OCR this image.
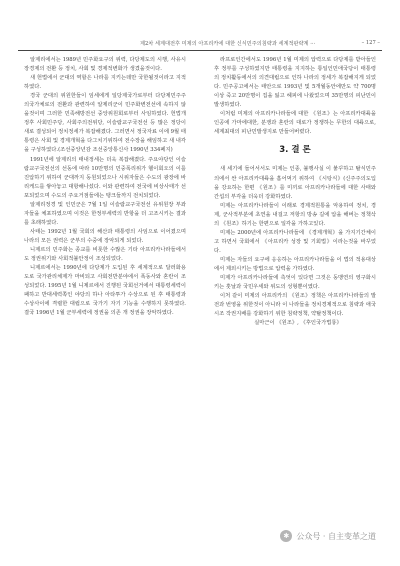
제2차 세계대전후 미제의 아프리카에 대한 신식민주의침략과 세계적판략계 ···	– 127 –

알제리에서는 1989년 민주화요구의 위력, 다당제도의 시행, 사유시장경제의 전환 등 정치, 사회 및 경제적변화가 생겼을것이다.

새 헌법에서 군대의 역할은 나라를 지키는데만 국한될것이라고 지적하였다.

경국 군대의 위원한들이 임세에게 일당제국가로부터 다당제민주주의국가체로의 전환과 관련하여 알제리군이 민주화변전선에 속하지 않을것이며 그러한 민족해방전선 중앙위원회로부터 사임하였다. 헌법개정후 사회민주당, 사회주의전위당, 이슬람교구국전선 등 많은 정당이 새로 결성되어 정치정세가 복잡해졌다. 그러면서 정국자료 이에 9월 태통령은 사회 및 경제개혁을 다그치기위하여 전수장을 해임하고 새 내각을 구성하였다.(조선중앙년감 조선중앙통신사 1990년 334페지)

1991년에 알제리의 태내정세는 더욱 복잡해졌다. 주요야당인 이슬람교구국전선의 선동에 따라 10만명의 민중폭리위가 헬이회오의 이를 진압하기 위하여 군대까지 동원되었으나 시위자들은 수도의 광장에 바리케드를 쌓아놓고 대항해나섰다. 이와 관련하여 전국에 비상사태가 선포되었으며 수도의 주요거점들에는 탱크들까지 전치되었다.

알제리정경 및 인민군은 7월 1일 이슬람교구국전선 유위원장 부좌자들을 체포하였으며 이것은 한정부세력의 반항을 더 고조시키는 결과를 초래하였다.

사태는 1992년 1월 국회의 해산과 태통령의 사임으로 이어졌으며 나라의 모든 권력은 군부의 수중에 장악되게 되었다.

니제르의 민주화는 종교를 비롯한 수많은 기타 아프리카나라들에서도 정권위기와 사회적불안정이 조성되었다.

니제르에서는 1990년에 다당제가 도입된 후 세계적으로 달러화용도로 국가관리체제가 마비되고 사회전반분야에서 폭동사와 혼란이 조성되었다. 1995년 1월 니제르에서 진행된 국회선거에서 대통령세력이 패하고 반대세력쪽인 야당의 하나 아타투가 수상으로 된 후 태통령과 수상사이에 격렬한 대립으로 국가기 자기 기능을 수행하지 못하였다. 결국 1996년 1월 군부세력에 정권을 의존 개 정권을 장악하였다.

라프로인간에서도 1996년 1월 미제의 압력으로 다당제를 받아들인 후 정부를 구성하였지만 태통령을 지지하는 통일인민애국당이 태통령의 정치활동에서의 의견대립으로 인하 나라의 정세가 복잡해지게 되었다. 민주공고에서는 태안으로 1993년 및 5개월동안에만도 약 700명이상 죽고 20만명이 집을 잃고 헤피에 나왔었으며 35만명의 피난민이 발생하였다.

이처럼 미제의 아프리카나라들에 대한 《원조》는 아프리카대륙을 인공에 가마에대한, 분쟁과 혼란의 대로가 정쟁하는 무한의 대륙으로, 세계최대의 피난민발생지로 만들어버렸다.

3. 결 론

새 세기에 들어서서도 미제는 인종, 불행사실 이 붉꾸하고 탈식민주의에서 싼 아프리카대륙을 흡어먹기 위하여 《시탕식》(신주주의도입을 강요하는 한편 《원조》를 미끼로 아프리카나라들에 대한 사태와 간섭의 부각을 더욱더 강화하였다.

미제는 아프리카나라들이 이래로 경제적원통을 악용하여 정치, 경제, 군사적부분에 초연을 내걸고 저항의 방송 길에 압을 해버는 정책삭의 《원조》하기는 한편으로 일각을 가하고있다.

미제는 2000년에 아프리카나라들에 《경제개혁》을 가지기간체이고 하면서 국회에서 《아프리카 성장 및 기회법》이라는것을 바꾸었다.

미제는 자들의 요구에 응응하는 아프리카나라들을 이 법의 적용대상에서 제외시키는 방법으로 압력을 가하였다.

미제가 아프리카나라들에 측엇이 있다면 그것은 동맹연의 영구화시키는 훗날과 국민우세와 위도의 성형뿐이였다.

이처 같이 미제의 아프리카의 《원조》정책은 아프리카나라들의 발전과 번영을 위한것이 아니라 이 나라들을 정치경제적으로 침략과 애국시조 작권지배를 강화하기 위한 침략정책, 약탈정책이다.

실마근이 《원조》, 《후인국가법룡》

✱ 公众号 · 自主变革之道
